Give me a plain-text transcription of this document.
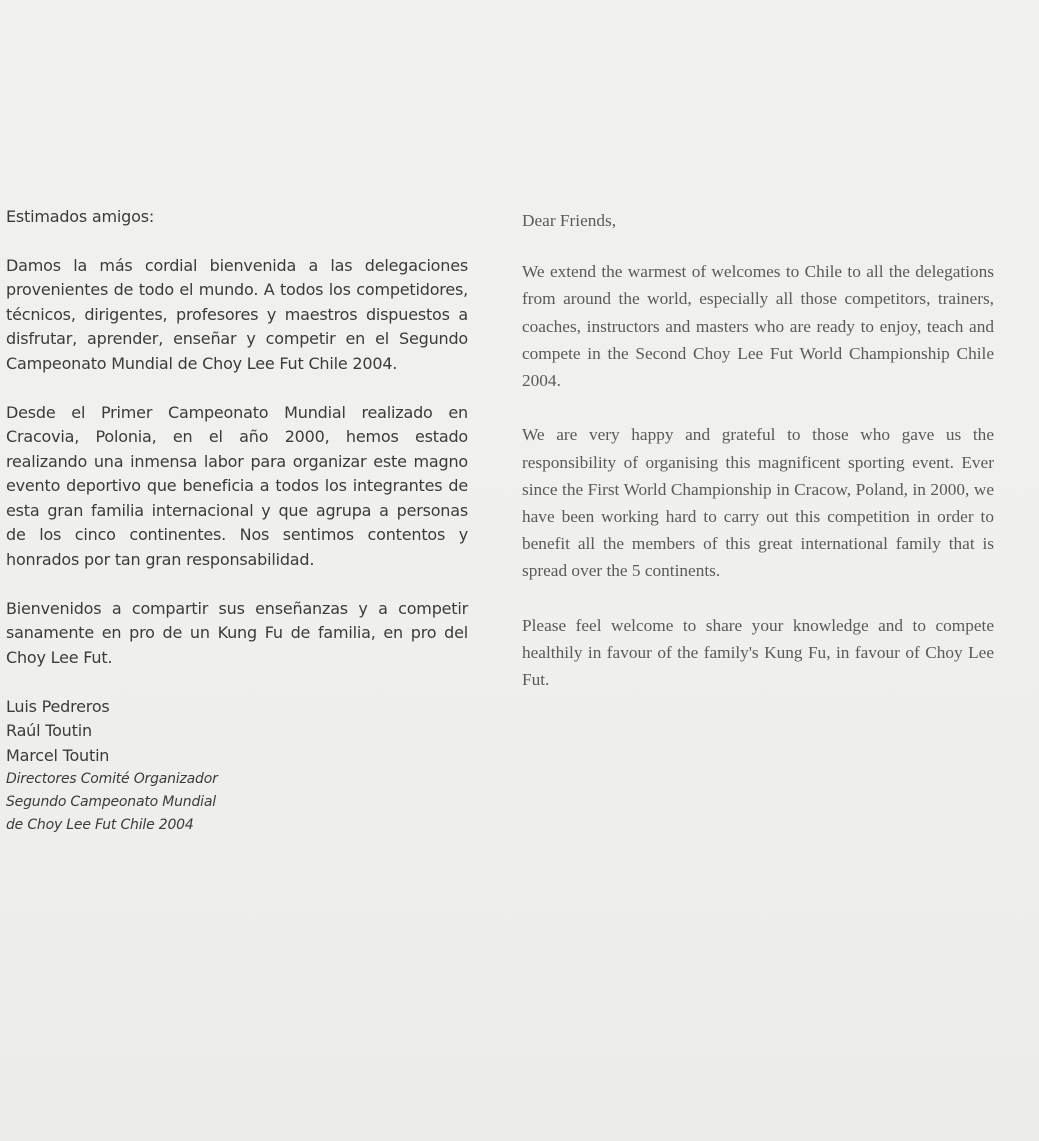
Estimados amigos:

Damos la más cordial bienvenida a las delegaciones provenientes de todo el mundo. A todos los competidores, técnicos, dirigentes, profesores y maestros dispuestos a disfrutar, aprender, enseñar y competir en el Segundo Campeonato Mundial de Choy Lee Fut Chile 2004.

Desde el Primer Campeonato Mundial realizado en Cracovia, Polonia, en el año 2000, hemos estado realizando una inmensa labor para organizar este magno evento deportivo que beneficia a todos los integrantes de esta gran familia internacional y que agrupa a personas de los cinco continentes. Nos sentimos contentos y honrados por tan gran responsabilidad.

Bienvenidos a compartir sus enseñanzas y a competir sanamente en pro de un Kung Fu de familia, en pro del Choy Lee Fut.

Luis Pedreros
Raúl Toutin
Marcel Toutin
Directores Comité Organizador
Segundo Campeonato Mundial
de Choy Lee Fut Chile 2004

Dear Friends,

We extend the warmest of welcomes to Chile to all the delegations from around the world, especially all those competitors, trainers, coaches, instructors and masters who are ready to enjoy, teach and compete in the Second Choy Lee Fut World Championship Chile 2004.

We are very happy and grateful to those who gave us the responsibility of organising this magnificent sporting event. Ever since the First World Championship in Cracow, Poland, in 2000, we have been working hard to carry out this competition in order to benefit all the members of this great international family that is spread over the 5 continents.

Please feel welcome to share your knowledge and to compete healthily in favour of the family's Kung Fu, in favour of Choy Lee Fut.
